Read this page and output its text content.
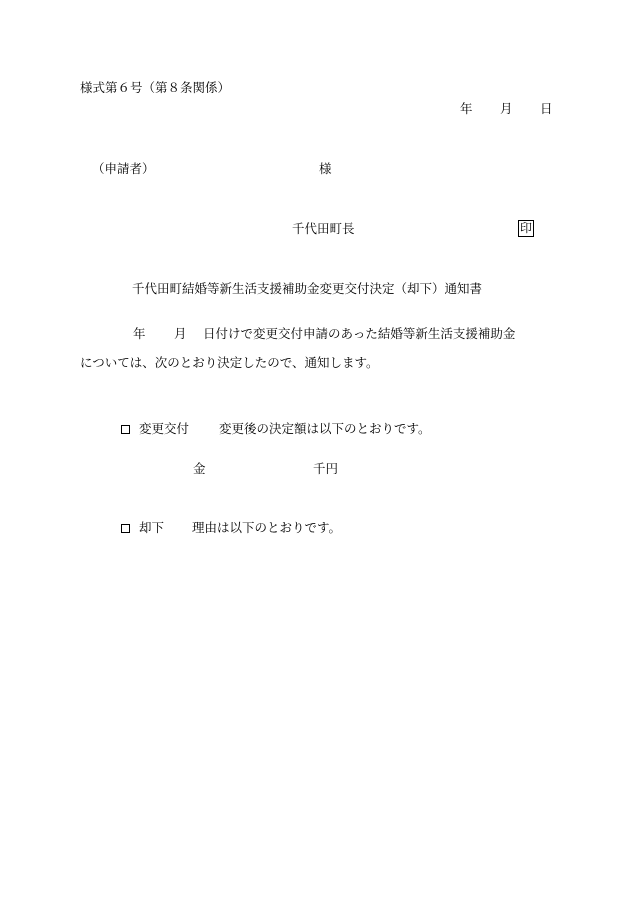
様式第６号（第８条関係）
年 月 日
（申請者）	様
千代田町長	印
千代田町結婚等新生活支援補助金変更交付決定（却下）通知書
年 月 日付けで変更交付申請のあった結婚等新生活支援補助金
については、次のとおり決定したので、通知します。
変更交付 変更後の決定額は以下のとおりです。
金	千円
却下 理由は以下のとおりです。
